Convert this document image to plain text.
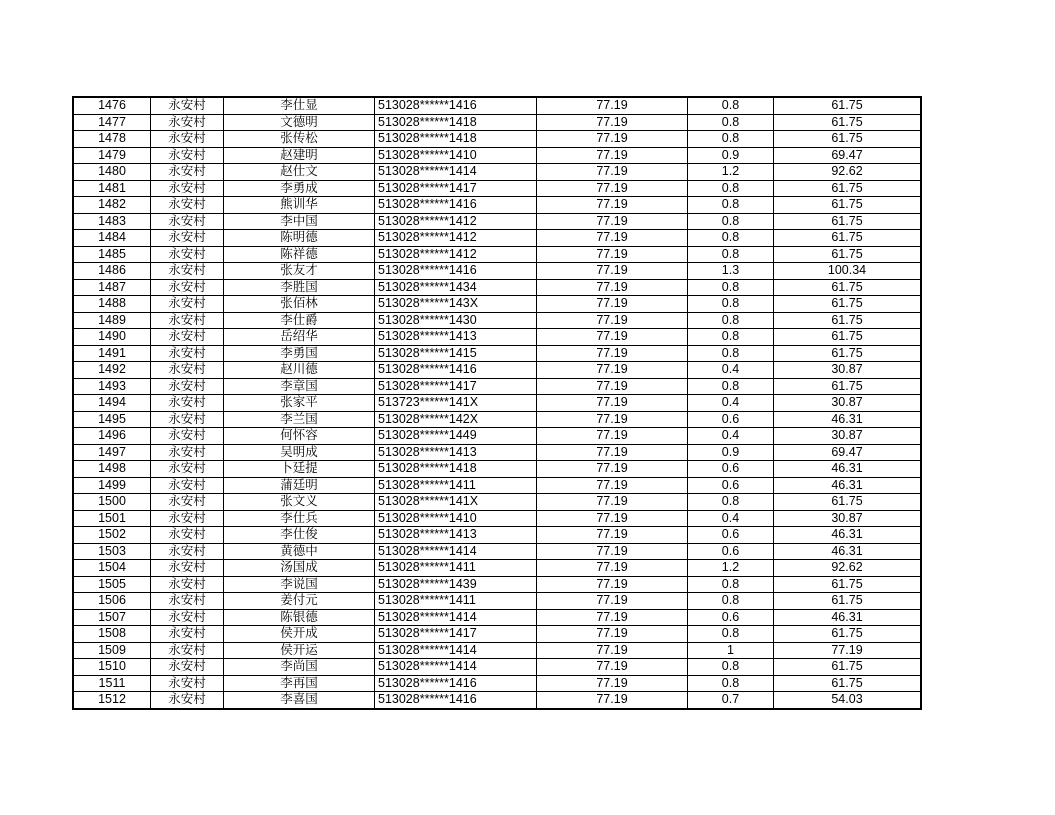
1476	永安村	李仕显	513028******1416	77.19	0.8	61.75
1477	永安村	文德明	513028******1418	77.19	0.8	61.75
1478	永安村	张传松	513028******1418	77.19	0.8	61.75
1479	永安村	赵建明	513028******1410	77.19	0.9	69.47
1480	永安村	赵仕文	513028******1414	77.19	1.2	92.62
1481	永安村	李勇成	513028******1417	77.19	0.8	61.75
1482	永安村	熊训华	513028******1416	77.19	0.8	61.75
1483	永安村	李中国	513028******1412	77.19	0.8	61.75
1484	永安村	陈明德	513028******1412	77.19	0.8	61.75
1485	永安村	陈祥德	513028******1412	77.19	0.8	61.75
1486	永安村	张友才	513028******1416	77.19	1.3	100.34
1487	永安村	李胜国	513028******1434	77.19	0.8	61.75
1488	永安村	张佰林	513028******143X	77.19	0.8	61.75
1489	永安村	李仕爵	513028******1430	77.19	0.8	61.75
1490	永安村	岳绍华	513028******1413	77.19	0.8	61.75
1491	永安村	李勇国	513028******1415	77.19	0.8	61.75
1492	永安村	赵川德	513028******1416	77.19	0.4	30.87
1493	永安村	李章国	513028******1417	77.19	0.8	61.75
1494	永安村	张家平	513723******141X	77.19	0.4	30.87
1495	永安村	李兰国	513028******142X	77.19	0.6	46.31
1496	永安村	何怀容	513028******1449	77.19	0.4	30.87
1497	永安村	吴明成	513028******1413	77.19	0.9	69.47
1498	永安村	卜廷提	513028******1418	77.19	0.6	46.31
1499	永安村	蒲廷明	513028******1411	77.19	0.6	46.31
1500	永安村	张文义	513028******141X	77.19	0.8	61.75
1501	永安村	李仕兵	513028******1410	77.19	0.4	30.87
1502	永安村	李仕俊	513028******1413	77.19	0.6	46.31
1503	永安村	黄德中	513028******1414	77.19	0.6	46.31
1504	永安村	汤国成	513028******1411	77.19	1.2	92.62
1505	永安村	李说国	513028******1439	77.19	0.8	61.75
1506	永安村	姜付元	513028******1411	77.19	0.8	61.75
1507	永安村	陈银德	513028******1414	77.19	0.6	46.31
1508	永安村	侯开成	513028******1417	77.19	0.8	61.75
1509	永安村	侯开运	513028******1414	77.19	1	77.19
1510	永安村	李尚国	513028******1414	77.19	0.8	61.75
1511	永安村	李再国	513028******1416	77.19	0.8	61.75
1512	永安村	李喜国	513028******1416	77.19	0.7	54.03
